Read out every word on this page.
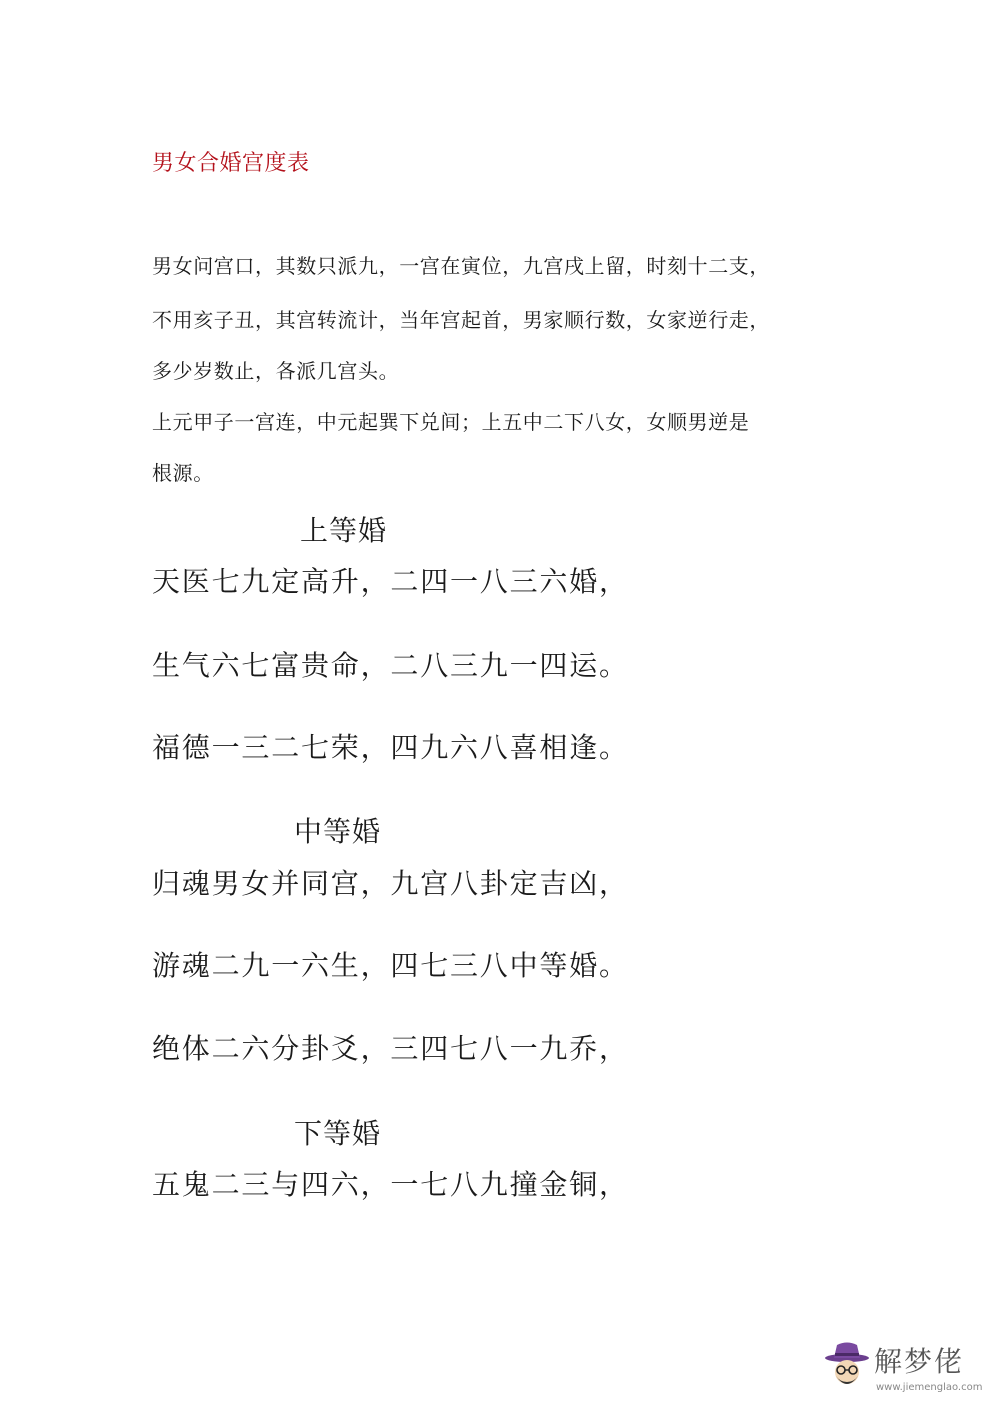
男女合婚宫度表
男女问宫口，其数只派九，一宫在寅位，九宫戌上留，时刻十二支，
不用亥子丑，其宫转流计，当年宫起首，男家顺行数，女家逆行走，
多少岁数止，各派几宫头。
上元甲子一宫连，中元起巽下兑间；上五中二下八女，女顺男逆是
根源。
上等婚
天医七九定高升，二四一八三六婚，
生气六七富贵命，二八三九一四运。
福德一三二七荣，四九六八喜相逢。
中等婚
归魂男女并同宫，九宫八卦定吉凶，
游魂二九一六生，四七三八中等婚。
绝体二六分卦爻，三四七八一九乔，
下等婚
五鬼二三与四六，一七八九撞金铜，
解梦佬
www.jiemenglao.com
